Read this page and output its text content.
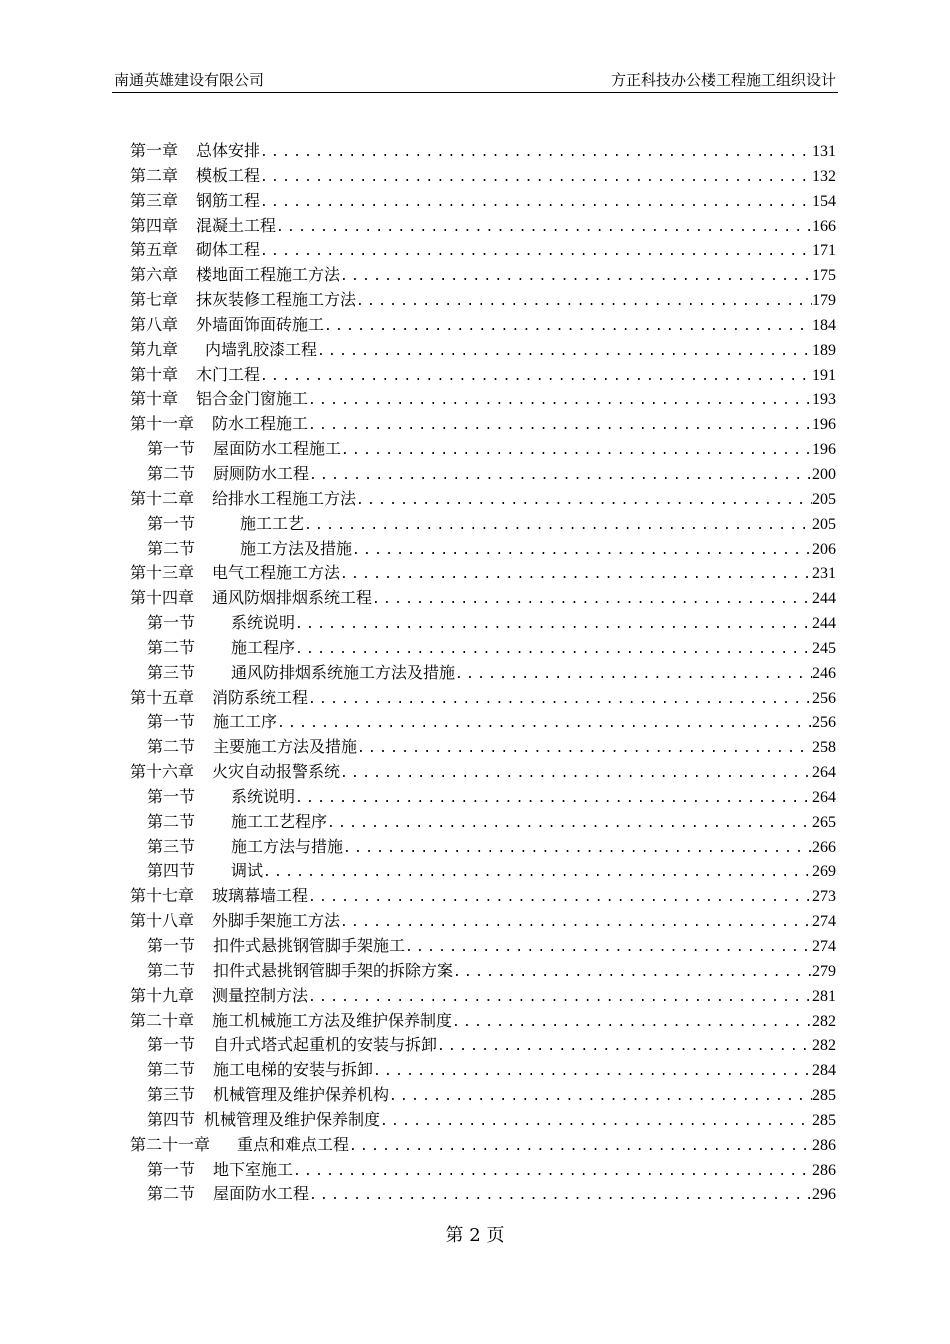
南通英雄建设有限公司	方正科技办公楼工程施工组织设计
第一章 总体安排 .....	131
第二章 模板工程 .....	132
第三章 钢筋工程 .....	154
第四章 混凝土工程 .....	166
第五章 砌体工程 .....	171
第六章 楼地面工程施工方法 .....	175
第七章 抹灰装修工程施工方法 .....	179
第八章 外墙面饰面砖施工 .....	184
第九章 内墙乳胶漆工程 .....	189
第十章 木门工程 .....	191
第十章 铝合金门窗施工 .....	193
第十一章 防水工程施工 .....	196
第一节 屋面防水工程施工 .....	196
第二节 厨厕防水工程 .....	200
第十二章 给排水工程施工方法 .....	205
第一节	施工工艺 .....	205
第二节	施工方法及措施 .....	206
第十三章 电气工程施工方法 .....	231
第十四章 通风防烟排烟系统工程 .....	244
第一节 系统说明 .....	244
第二节 施工程序 .....	245
第三节 通风防排烟系统施工方法及措施 .....	246
第十五章 消防系统工程 .....	256
第一节 施工工序 .....	256
第二节 主要施工方法及措施 .....	258
第十六章 火灾自动报警系统 .....	264
第一节 系统说明 .....	264
第二节 施工工艺程序 .....	265
第三节 施工方法与措施 .....	266
第四节 调试 .....	269
第十七章 玻璃幕墙工程 .....	273
第十八章 外脚手架施工方法 .....	274
第一节 扣件式悬挑钢管脚手架施工 .....	274
第二节 扣件式悬挑钢管脚手架的拆除方案 .....	279
第十九章 测量控制方法 .....	281
第二十章 施工机械施工方法及维护保养制度 .....	282
第一节 自升式塔式起重机的安装与拆卸 .....	282
第二节 施工电梯的安装与拆卸 .....	284
第三节 机械管理及维护保养机构 .....	285
第四节 机械管理及维护保养制度 .....	285
第二十一章 重点和难点工程 .....	286
第一节 地下室施工 .....	286
第二节 屋面防水工程 .....	296
第 2 页
